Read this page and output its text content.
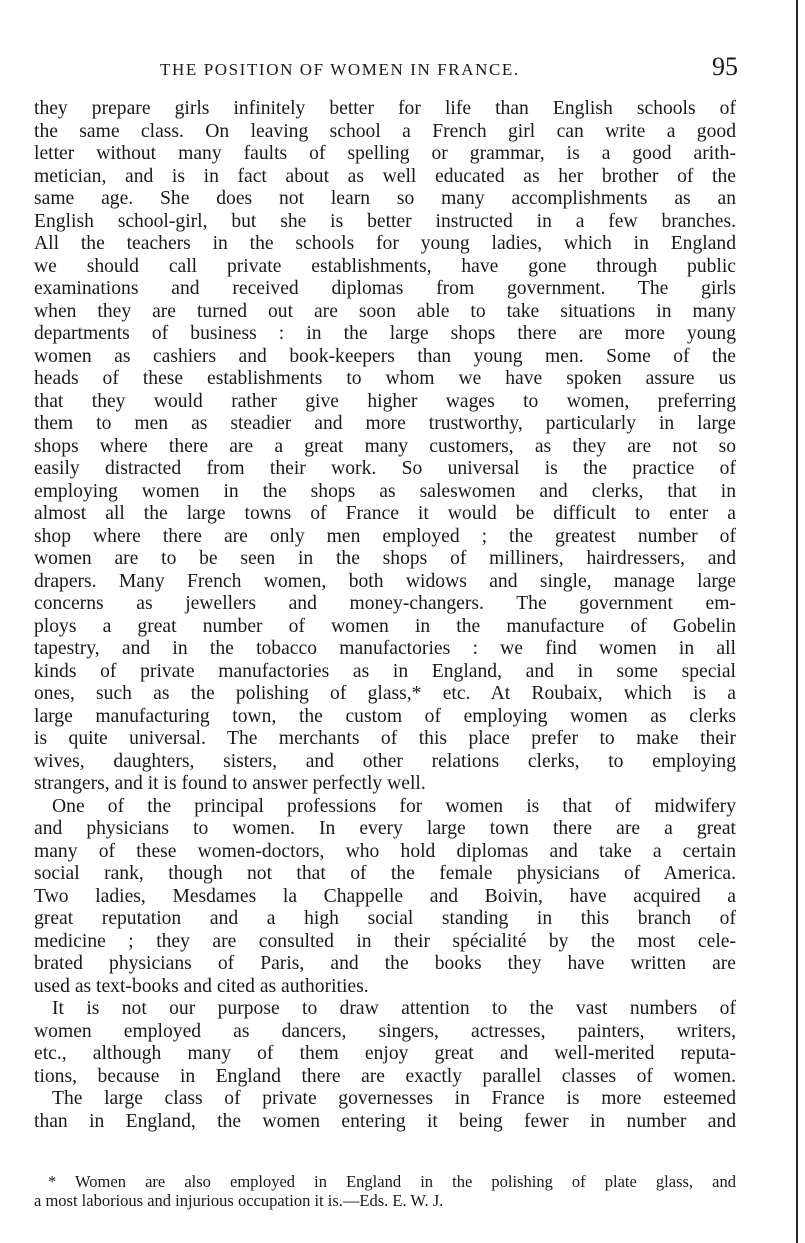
THE POSITION OF WOMEN IN FRANCE.	95
they prepare girls infinitely better for life than English schools of
the same class. On leaving school a French girl can write a good
letter without many faults of spelling or grammar, is a good arith-
metician, and is in fact about as well educated as her brother of the
same age. She does not learn so many accomplishments as an
English school-girl, but she is better instructed in a few branches.
All the teachers in the schools for young ladies, which in England
we should call private establishments, have gone through public
examinations and received diplomas from government. The girls
when they are turned out are soon able to take situations in many
departments of business : in the large shops there are more young
women as cashiers and book-keepers than young men. Some of the
heads of these establishments to whom we have spoken assure us
that they would rather give higher wages to women, preferring
them to men as steadier and more trustworthy, particularly in large
shops where there are a great many customers, as they are not so
easily distracted from their work. So universal is the practice of
employing women in the shops as saleswomen and clerks, that in
almost all the large towns of France it would be difficult to enter a
shop where there are only men employed ; the greatest number of
women are to be seen in the shops of milliners, hairdressers, and
drapers. Many French women, both widows and single, manage large
concerns as jewellers and money-changers. The government em-
ploys a great number of women in the manufacture of Gobelin
tapestry, and in the tobacco manufactories : we find women in all
kinds of private manufactories as in England, and in some special
ones, such as the polishing of glass,* etc. At Roubaix, which is a
large manufacturing town, the custom of employing women as clerks
is quite universal. The merchants of this place prefer to make their
wives, daughters, sisters, and other relations clerks, to employing
strangers, and it is found to answer perfectly well.
One of the principal professions for women is that of midwifery
and physicians to women. In every large town there are a great
many of these women-doctors, who hold diplomas and take a certain
social rank, though not that of the female physicians of America.
Two ladies, Mesdames la Chappelle and Boivin, have acquired a
great reputation and a high social standing in this branch of
medicine ; they are consulted in their spécialité by the most cele-
brated physicians of Paris, and the books they have written are
used as text-books and cited as authorities.
It is not our purpose to draw attention to the vast numbers of
women employed as dancers, singers, actresses, painters, writers,
etc., although many of them enjoy great and well-merited reputa-
tions, because in England there are exactly parallel classes of women.
The large class of private governesses in France is more esteemed
than in England, the women entering it being fewer in number and
* Women are also employed in England in the polishing of plate glass, and
a most laborious and injurious occupation it is.—Eds. E. W. J.
